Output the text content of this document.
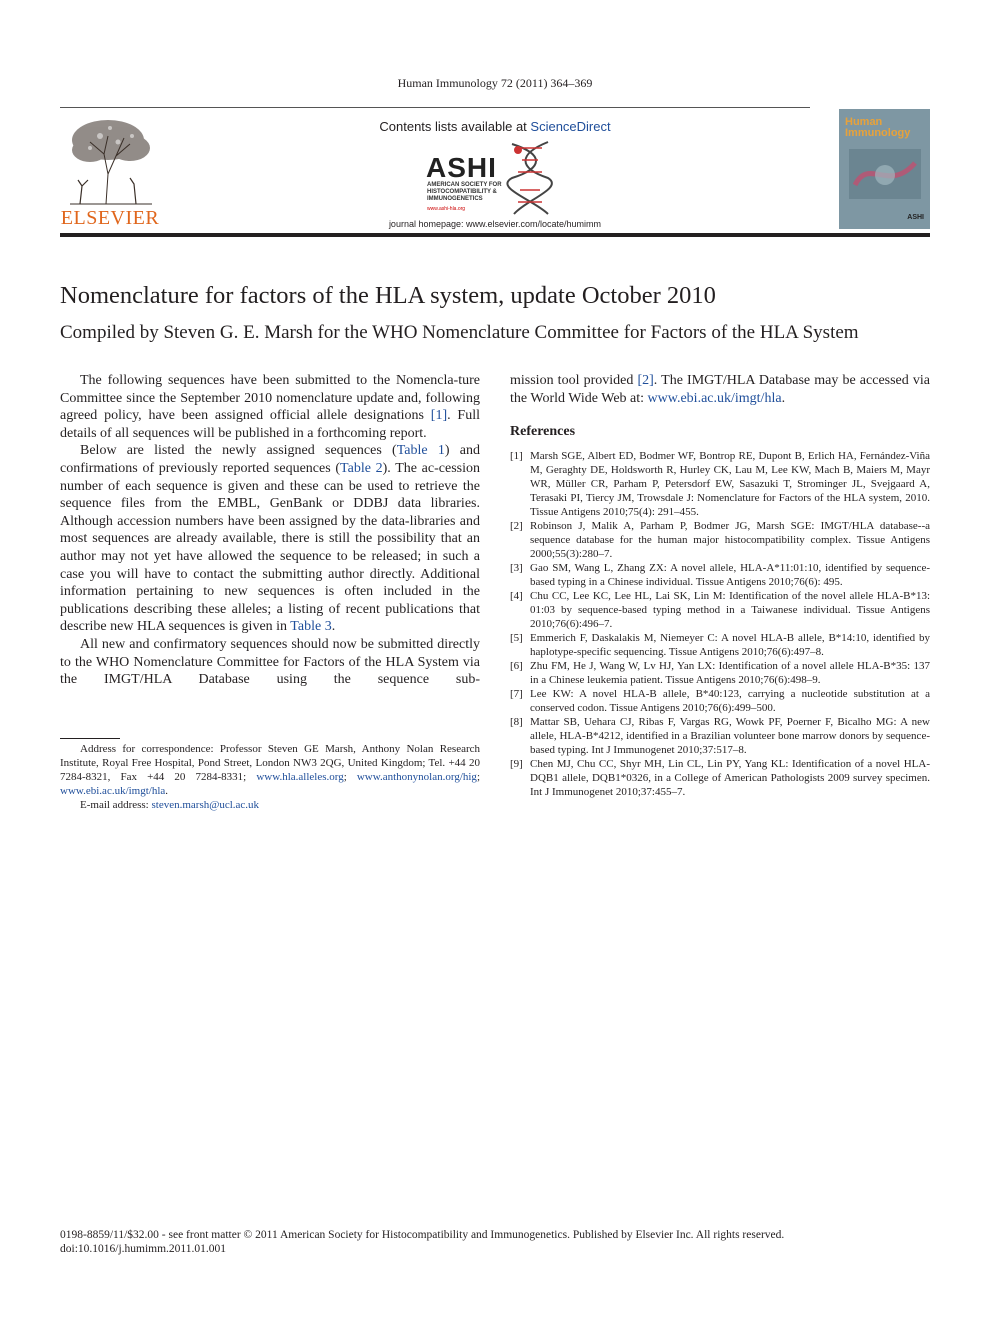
Human Immunology 72 (2011) 364–369
ELSEVIER
Contents lists available at ScienceDirect
ASHI
AMERICAN SOCIETY FOR
HISTOCOMPATIBILITY &
IMMUNOGENETICS
www.ashi-hla.org
journal homepage: www.elsevier.com/locate/humimm
Human
Immunology
ASHI
Nomenclature for factors of the HLA system, update October 2010
Compiled by Steven G. E. Marsh for the WHO Nomenclature Committee for Factors of the HLA System

The following sequences have been submitted to the Nomencla-ture Committee since the September 2010 nomenclature update and, following agreed policy, have been assigned official allele designations [1]. Full details of all sequences will be published in a forthcoming report.

Below are listed the newly assigned sequences (Table 1) and confirmations of previously reported sequences (Table 2). The ac-cession number of each sequence is given and these can be used to retrieve the sequence files from the EMBL, GenBank or DDBJ data libraries. Although accession numbers have been assigned by the data-libraries and most sequences are already available, there is still the possibility that an author may not yet have allowed the sequence to be released; in such a case you will have to contact the submitting author directly. Additional information pertaining to new sequences is often included in the publications describing these alleles; a listing of recent publications that describe new HLA sequences is given in Table 3.

All new and confirmatory sequences should now be submitted directly to the WHO Nomenclature Committee for Factors of the HLA System via the IMGT/HLA Database using the sequence sub-

Address for correspondence: Professor Steven GE Marsh, Anthony Nolan Research Institute, Royal Free Hospital, Pond Street, London NW3 2QG, United Kingdom; Tel. +44 20 7284-8321, Fax +44 20 7284-8331; www.hla.alleles.org; www.anthonynolan.org/hig; www.ebi.ac.uk/imgt/hla.

E-mail address: steven.marsh@ucl.ac.uk

mission tool provided [2]. The IMGT/HLA Database may be accessed via the World Wide Web at: www.ebi.ac.uk/imgt/hla.

References
[1] Marsh SGE, Albert ED, Bodmer WF, Bontrop RE, Dupont B, Erlich HA, Fernández-Viña M, Geraghty DE, Holdsworth R, Hurley CK, Lau M, Lee KW, Mach B, Maiers M, Mayr WR, Müller CR, Parham P, Petersdorf EW, Sasazuki T, Strominger JL, Svejgaard A, Terasaki PI, Tiercy JM, Trowsdale J: Nomenclature for Factors of the HLA system, 2010. Tissue Antigens 2010;75(4): 291–455.
[2] Robinson J, Malik A, Parham P, Bodmer JG, Marsh SGE: IMGT/HLA database--a sequence database for the human major histocompatibility complex. Tissue Antigens 2000;55(3):280–7.
[3] Gao SM, Wang L, Zhang ZX: A novel allele, HLA-A*11:01:10, identified by sequence-based typing in a Chinese individual. Tissue Antigens 2010;76(6): 495.
[4] Chu CC, Lee KC, Lee HL, Lai SK, Lin M: Identification of the novel allele HLA-B*13: 01:03 by sequence-based typing method in a Taiwanese individual. Tissue Antigens 2010;76(6):496–7.
[5] Emmerich F, Daskalakis M, Niemeyer C: A novel HLA-B allele, B*14:10, identified by haplotype-specific sequencing. Tissue Antigens 2010;76(6):497–8.
[6] Zhu FM, He J, Wang W, Lv HJ, Yan LX: Identification of a novel allele HLA-B*35: 137 in a Chinese leukemia patient. Tissue Antigens 2010;76(6):498–9.
[7] Lee KW: A novel HLA-B allele, B*40:123, carrying a nucleotide substitution at a conserved codon. Tissue Antigens 2010;76(6):499–500.
[8] Mattar SB, Uehara CJ, Ribas F, Vargas RG, Wowk PF, Poerner F, Bicalho MG: A new allele, HLA-B*4212, identified in a Brazilian volunteer bone marrow donors by sequence-based typing. Int J Immunogenet 2010;37:517–8.
[9] Chen MJ, Chu CC, Shyr MH, Lin CL, Lin PY, Yang KL: Identification of a novel HLA-DQB1 allele, DQB1*0326, in a College of American Pathologists 2009 survey specimen. Int J Immunogenet 2010;37:455–7.
0198-8859/11/$32.00 - see front matter © 2011 American Society for Histocompatibility and Immunogenetics. Published by Elsevier Inc. All rights reserved.
doi:10.1016/j.humimm.2011.01.001
